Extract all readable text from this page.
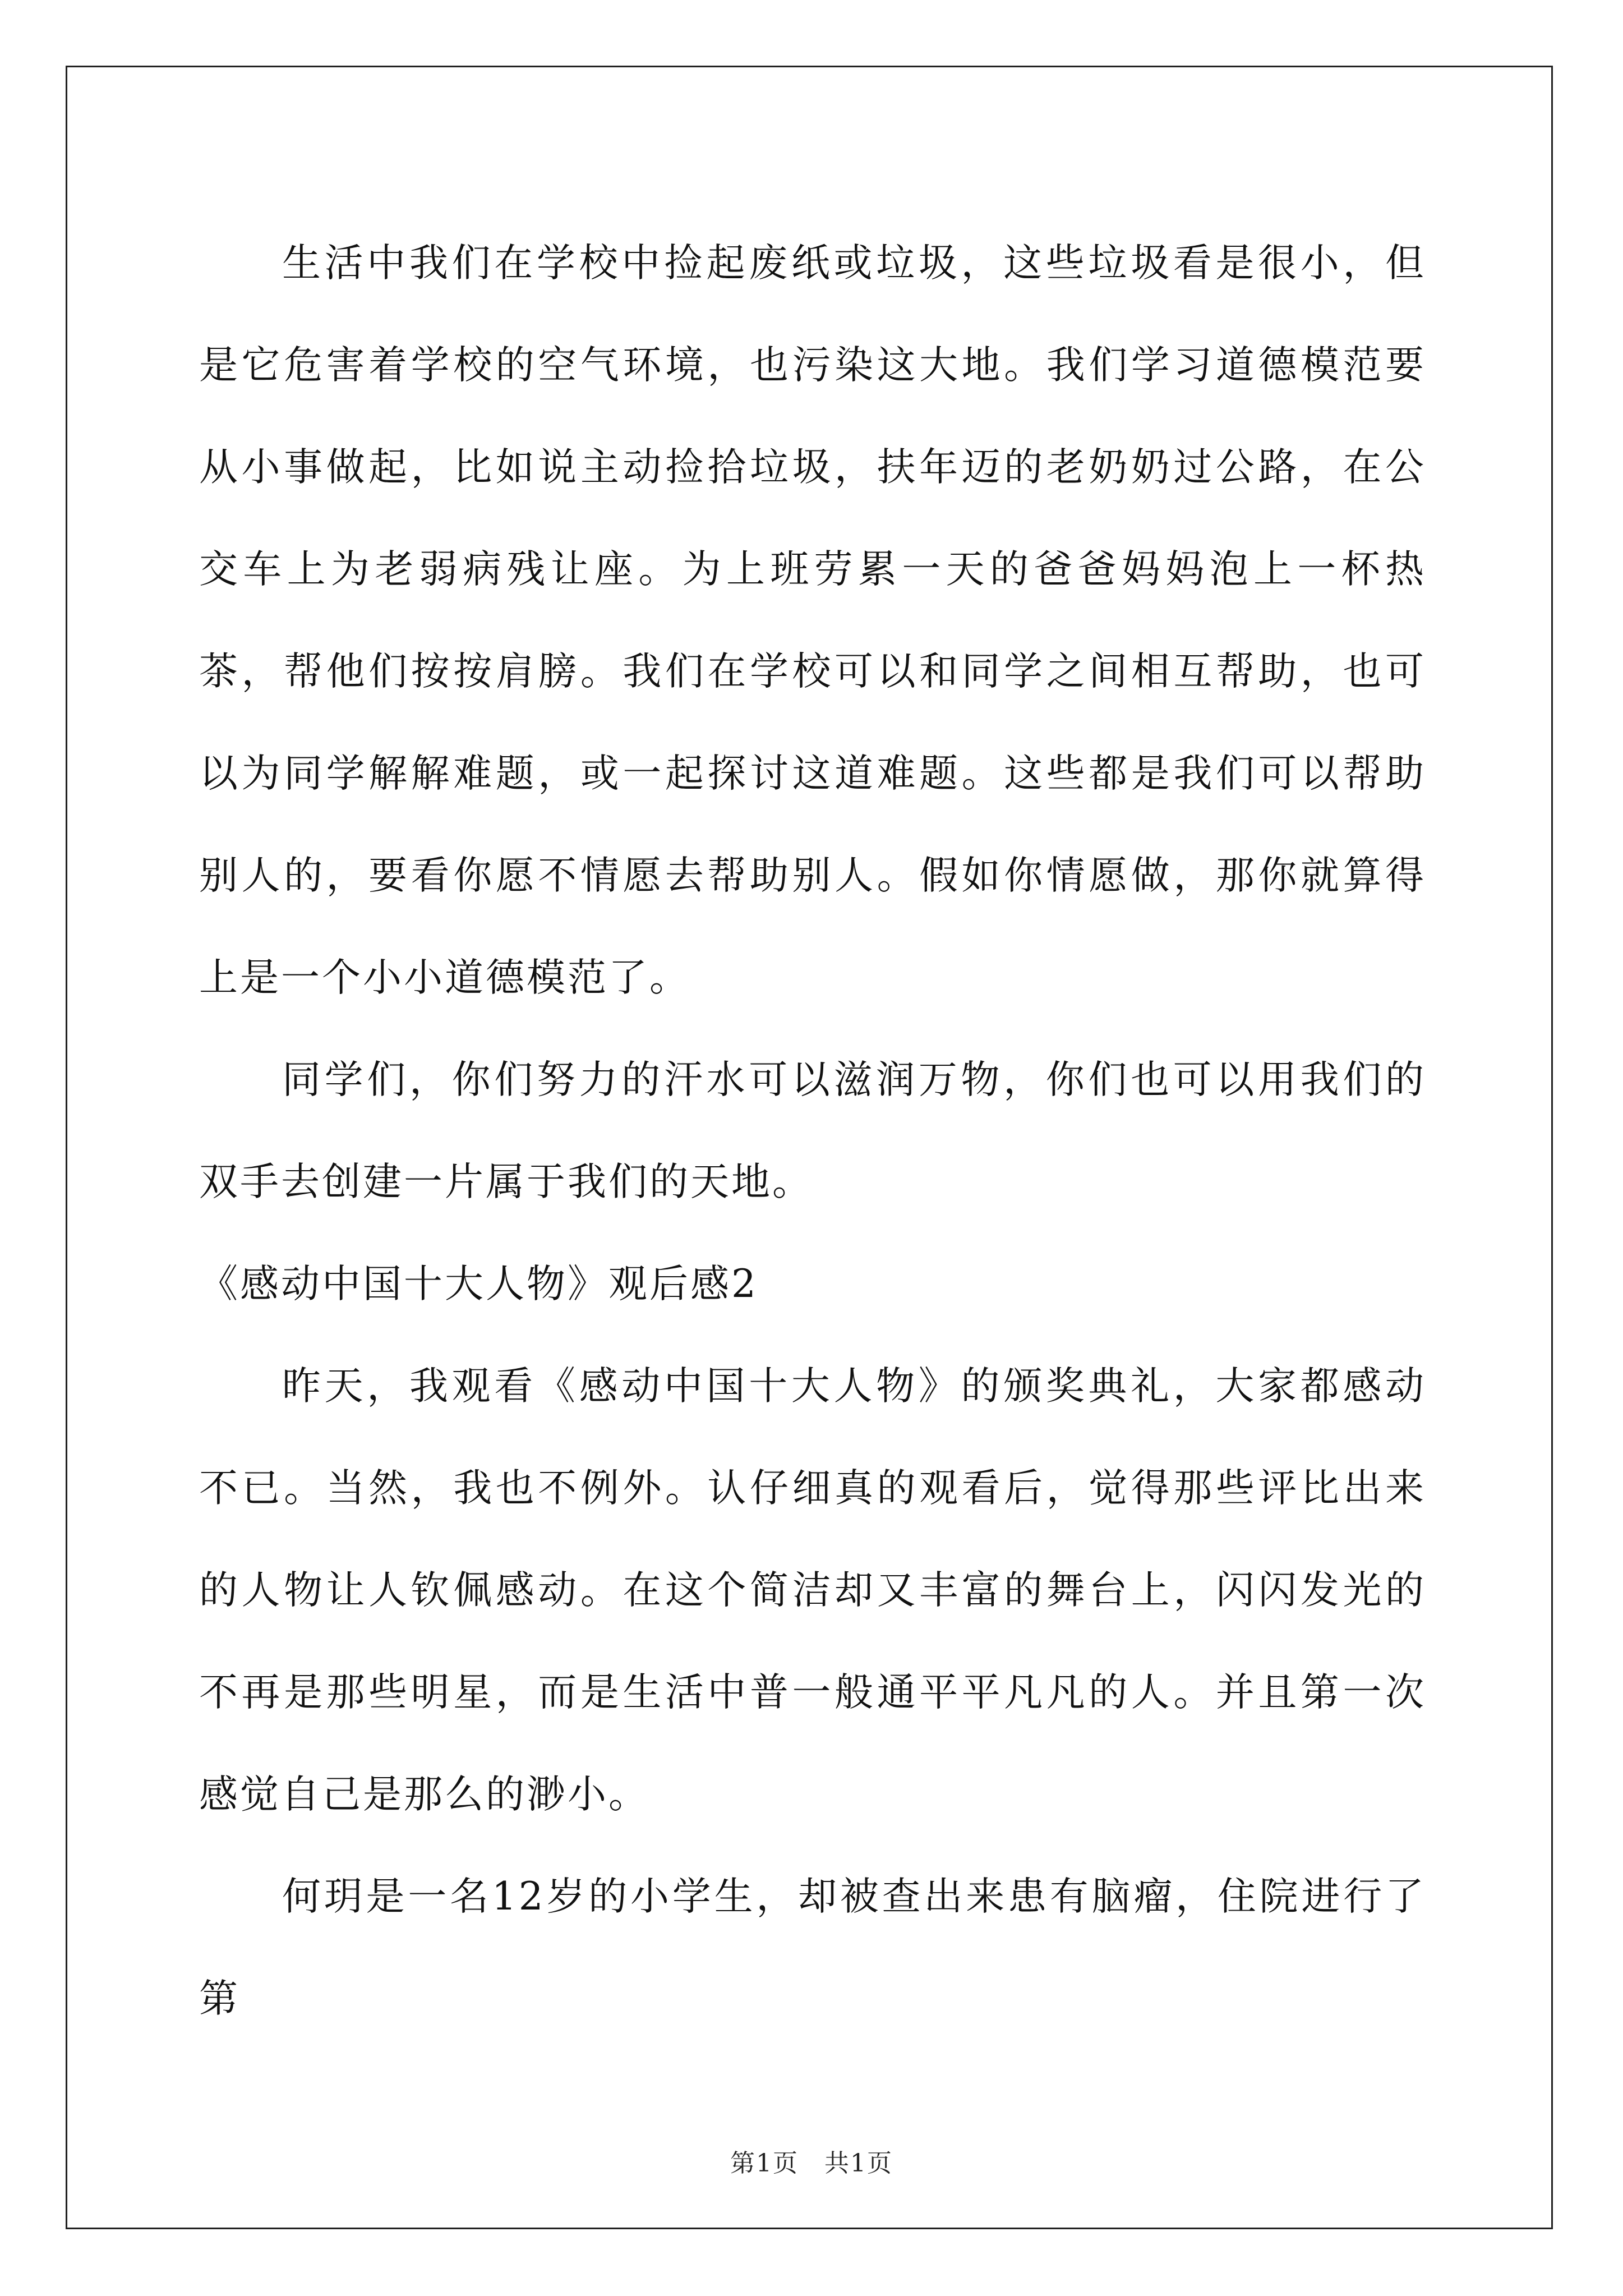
生活中我们在学校中捡起废纸或垃圾，这些垃圾看是很小，但是它危害着学校的空气环境，也污染这大地。我们学习道德模范要从小事做起，比如说主动捡拾垃圾，扶年迈的老奶奶过公路，在公交车上为老弱病残让座。为上班劳累一天的爸爸妈妈泡上一杯热茶，帮他们按按肩膀。我们在学校可以和同学之间相互帮助，也可以为同学解解难题，或一起探讨这道难题。这些都是我们可以帮助别人的，要看你愿不情愿去帮助别人。假如你情愿做，那你就算得上是一个小小道德模范了。

同学们，你们努力的汗水可以滋润万物，你们也可以用我们的双手去创建一片属于我们的天地。

《感动中国十大人物》观后感2

昨天，我观看《感动中国十大人物》的颁奖典礼，大家都感动不已。当然，我也不例外。认仔细真的观看后，觉得那些评比出来的人物让人钦佩感动。在这个简洁却又丰富的舞台上，闪闪发光的不再是那些明星，而是生活中普一般通平平凡凡的人。并且第一次感觉自己是那么的渺小。

何玥是一名12岁的小学生，却被查出来患有脑瘤，住院进行了第

第1页　共1页
